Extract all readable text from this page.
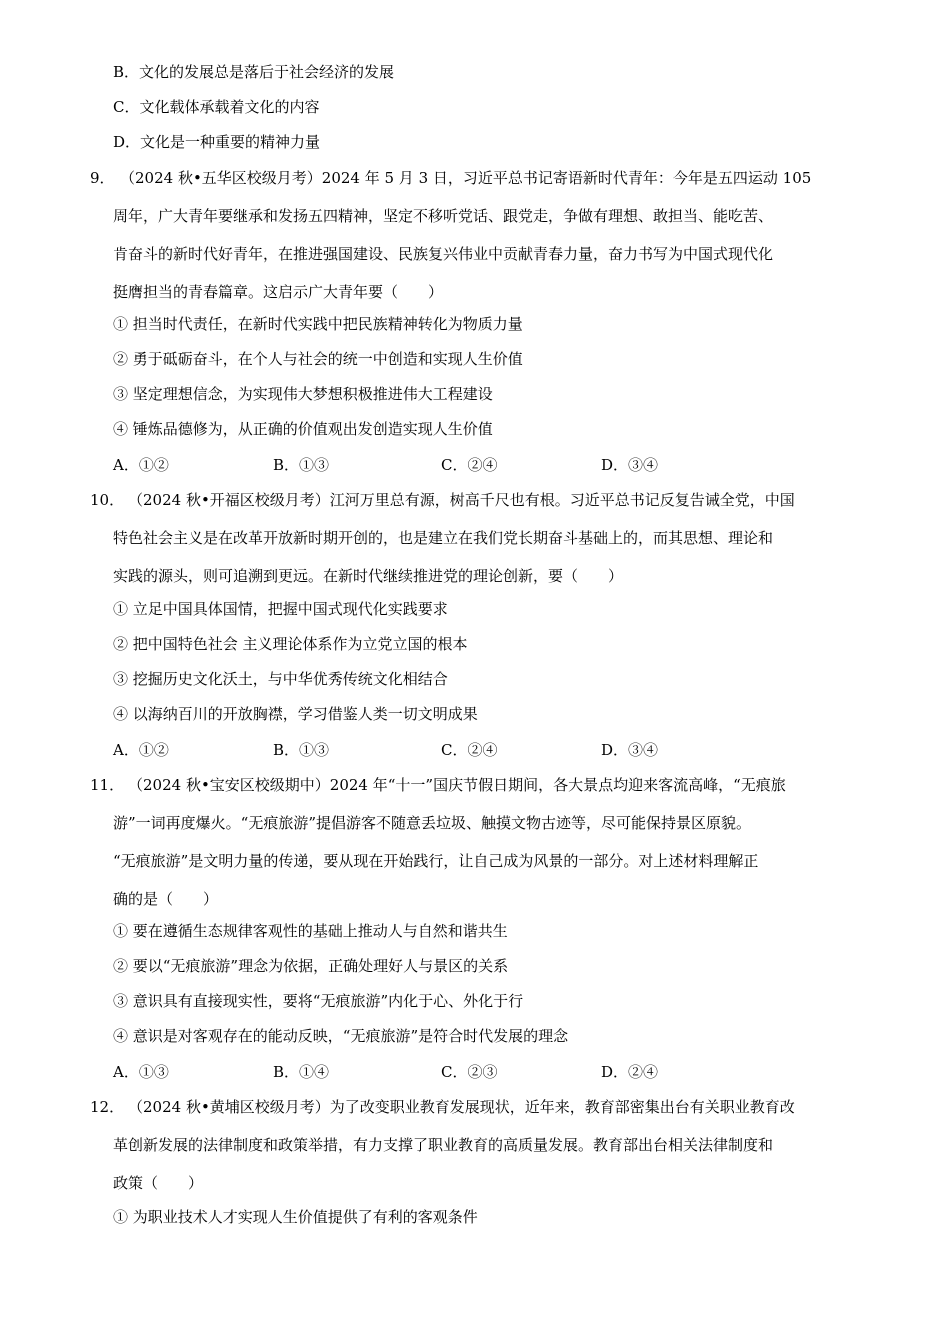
B．文化的发展总是落后于社会经济的发展
C．文化载体承载着文化的内容
D．文化是一种重要的精神力量
9． （2024 秋•五华区校级月考）2024 年 5 月 3 日，习近平总书记寄语新时代青年：今年是五四运动 105
周年，广大青年要继承和发扬五四精神，坚定不移听党话、跟党走，争做有理想、敢担当、能吃苦、
肯奋斗的新时代好青年，在推进强国建设、民族复兴伟业中贡献青春力量，奋力书写为中国式现代化
挺膺担当的青春篇章。这启示广大青年要（　　）
① 担当时代责任，在新时代实践中把民族精神转化为物质力量
② 勇于砥砺奋斗，在个人与社会的统一中创造和实现人生价值
③ 坚定理想信念，为实现伟大梦想积极推进伟大工程建设
④ 锤炼品德修为，从正确的价值观出发创造实现人生价值
A．①②	B．①③	C．②④	D．③④
10． （2024 秋•开福区校级月考）江河万里总有源，树高千尺也有根。习近平总书记反复告诫全党，中国
特色社会主义是在改革开放新时期开创的，也是建立在我们党长期奋斗基础上的，而其思想、理论和
实践的源头，则可追溯到更远。在新时代继续推进党的理论创新，要（　　）
① 立足中国具体国情，把握中国式现代化实践要求
② 把中国特色社会 主义理论体系作为立党立国的根本
③ 挖掘历史文化沃土，与中华优秀传统文化相结合
④ 以海纳百川的开放胸襟，学习借鉴人类一切文明成果
A．①②	B．①③	C．②④	D．③④
11． （2024 秋•宝安区校级期中）2024 年“十一”国庆节假日期间，各大景点均迎来客流高峰，“无痕旅
游”一词再度爆火。“无痕旅游”提倡游客不随意丢垃圾、触摸文物古迹等，尽可能保持景区原貌。
“无痕旅游”是文明力量的传递，要从现在开始践行，让自己成为风景的一部分。对上述材料理解正
确的是（　　）
① 要在遵循生态规律客观性的基础上推动人与自然和谐共生
② 要以“无痕旅游”理念为依据，正确处理好人与景区的关系
③ 意识具有直接现实性，要将“无痕旅游”内化于心、外化于行
④ 意识是对客观存在的能动反映，“无痕旅游”是符合时代发展的理念
A．①③	B．①④	C．②③	D．②④
12． （2024 秋•黄埔区校级月考）为了改变职业教育发展现状，近年来，教育部密集出台有关职业教育改
革创新发展的法律制度和政策举措，有力支撑了职业教育的高质量发展。教育部出台相关法律制度和
政策（　　）
① 为职业技术人才实现人生价值提供了有利的客观条件
